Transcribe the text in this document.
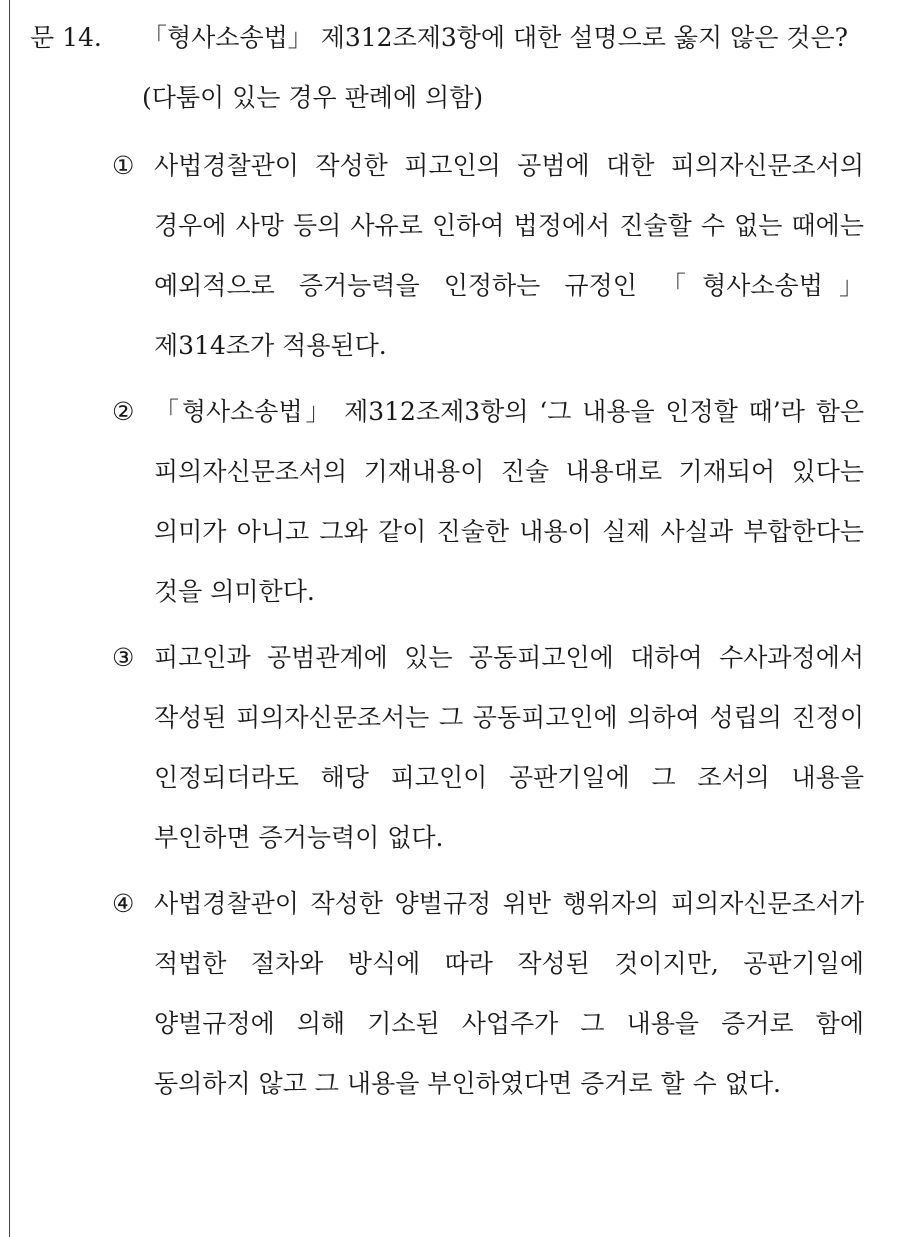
문 14. 「형사소송법」 제312조제3항에 대한 설명으로 옳지 않은 것은?
(다툼이 있는 경우 판례에 의함)
① 사법경찰관이 작성한 피고인의 공범에 대한 피의자신문조서의 경우에 사망 등의 사유로 인하여 법정에서 진술할 수 없는 때에는 예외적으로 증거능력을 인정하는 규정인 「형사소송법」 제314조가 적용된다.
② 「형사소송법」 제312조제3항의 ‘그 내용을 인정할 때’라 함은 피의자신문조서의 기재내용이 진술 내용대로 기재되어 있다는 의미가 아니고 그와 같이 진술한 내용이 실제 사실과 부합한다는 것을 의미한다.
③ 피고인과 공범관계에 있는 공동피고인에 대하여 수사과정에서 작성된 피의자신문조서는 그 공동피고인에 의하여 성립의 진정이 인정되더라도 해당 피고인이 공판기일에 그 조서의 내용을 부인하면 증거능력이 없다.
④ 사법경찰관이 작성한 양벌규정 위반 행위자의 피의자신문조서가 적법한 절차와 방식에 따라 작성된 것이지만, 공판기일에 양벌규정에 의해 기소된 사업주가 그 내용을 증거로 함에 동의하지 않고 그 내용을 부인하였다면 증거로 할 수 없다.
